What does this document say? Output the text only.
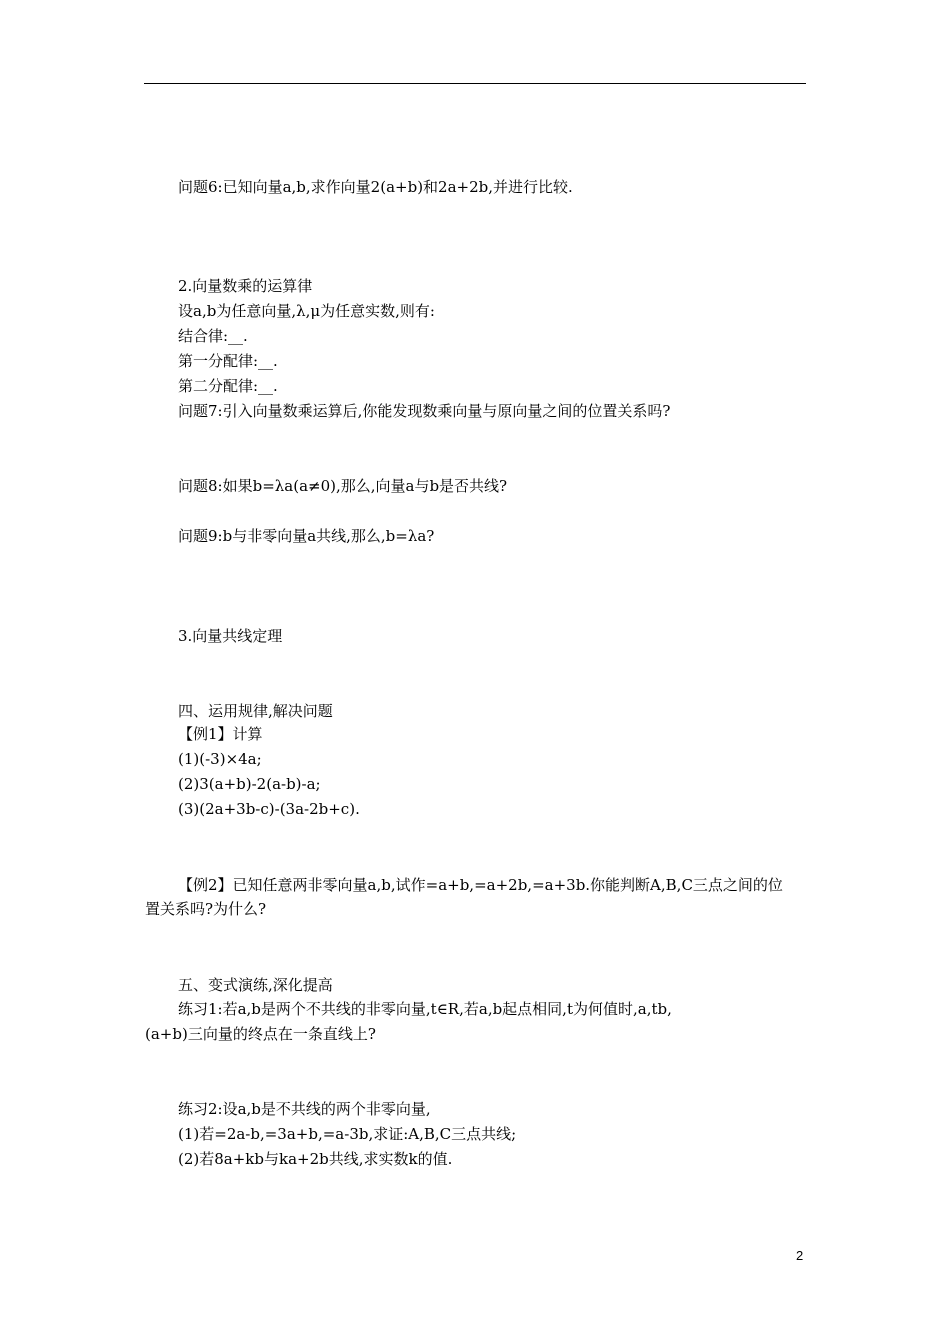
问题6:已知向量a,b,求作向量2(a+b)和2a+2b,并进行比较.
2.向量数乘的运算律
设a,b为任意向量,λ,μ为任意实数,则有:
结合律:__.
第一分配律:__.
第二分配律:__.
问题7:引入向量数乘运算后,你能发现数乘向量与原向量之间的位置关系吗?
问题8:如果b=λa(a≠0),那么,向量a与b是否共线?
问题9:b与非零向量a共线,那么,b=λa?
3.向量共线定理
四、运用规律,解决问题
【例1】计算
(1)(-3)×4a;
(2)3(a+b)-2(a-b)-a;
(3)(2a+3b-c)-(3a-2b+c).
【例2】已知任意两非零向量a,b,试作=a+b,=a+2b,=a+3b.你能判断A,B,C三点之间的位
置关系吗?为什么?
五、变式演练,深化提高
练习1:若a,b是两个不共线的非零向量,t∈R,若a,b起点相同,t为何值时,a,tb,
(a+b)三向量的终点在一条直线上?
练习2:设a,b是不共线的两个非零向量,
(1)若=2a-b,=3a+b,=a-3b,求证:A,B,C三点共线;
(2)若8a+kb与ka+2b共线,求实数k的值.
2
